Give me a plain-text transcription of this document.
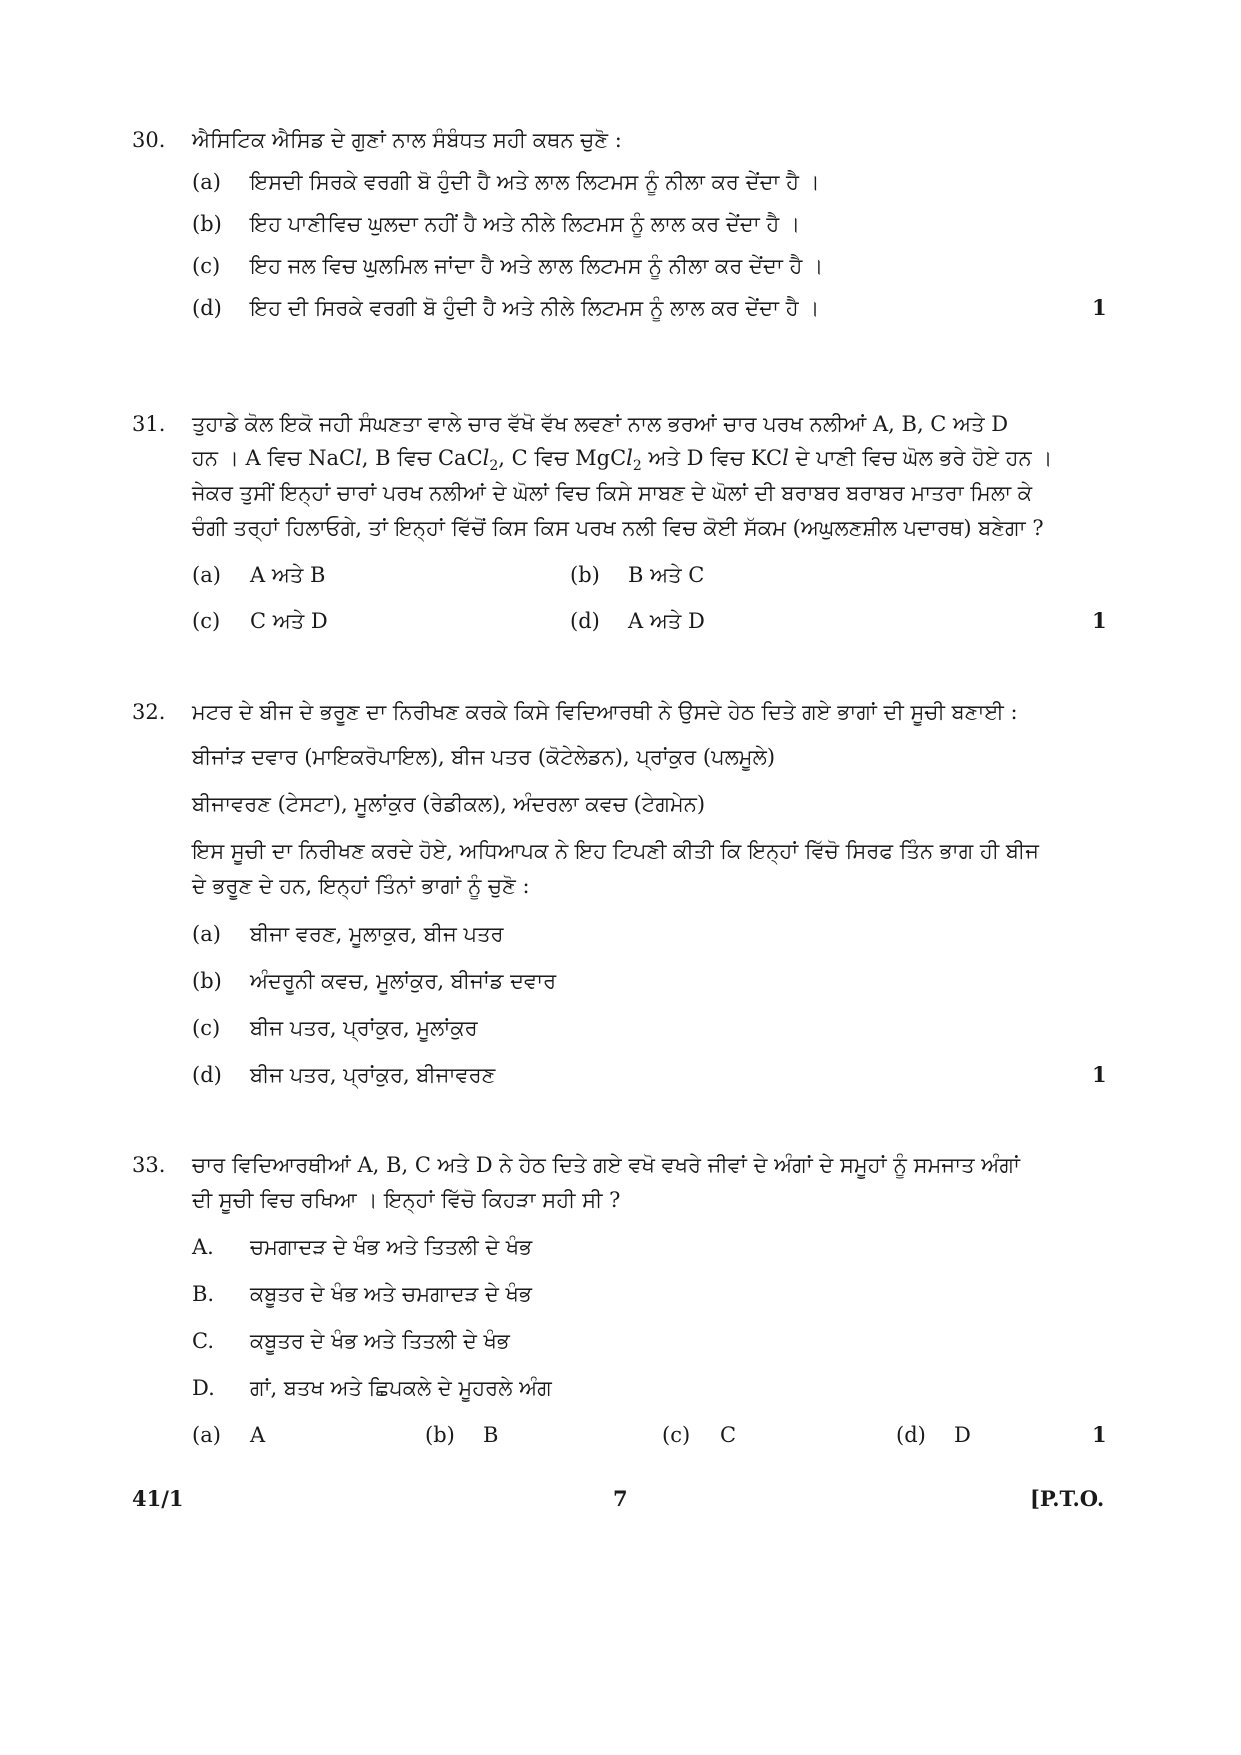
30. ਐਸਿਟਿਕ ਐਸਿਡ ਦੇ ਗੁਣਾਂ ਨਾਲ ਸੰਬੰਧਤ ਸਹੀ ਕਥਨ ਚੁਣੋ :
(a) ਇਸਦੀ ਸਿਰਕੇ ਵਰਗੀ ਬੋ ਹੁੰਦੀ ਹੈ ਅਤੇ ਲਾਲ ਲਿਟਮਸ ਨੂੰ ਨੀਲਾ ਕਰ ਦੇਂਦਾ ਹੈ ।
(b) ਇਹ ਪਾਣੀਵਿਚ ਘੁਲਦਾ ਨਹੀਂ ਹੈ ਅਤੇ ਨੀਲੇ ਲਿਟਮਸ ਨੂੰ ਲਾਲ ਕਰ ਦੇਂਦਾ ਹੈ ।
(c) ਇਹ ਜਲ ਵਿਚ ਘੁਲਮਿਲ ਜਾਂਦਾ ਹੈ ਅਤੇ ਲਾਲ ਲਿਟਮਸ ਨੂੰ ਨੀਲਾ ਕਰ ਦੇਂਦਾ ਹੈ ।
(d) ਇਹ ਦੀ ਸਿਰਕੇ ਵਰਗੀ ਬੋ ਹੁੰਦੀ ਹੈ ਅਤੇ ਨੀਲੇ ਲਿਟਮਸ ਨੂੰ ਲਾਲ ਕਰ ਦੇਂਦਾ ਹੈ ।	1
31. ਤੁਹਾਡੇ ਕੋਲ ਇਕੋ ਜਹੀ ਸੰਘਣਤਾ ਵਾਲੇ ਚਾਰ ਵੱਖੋ ਵੱਖ ਲਵਣਾਂ ਨਾਲ ਭਰਆਂ ਚਾਰ ਪਰਖ ਨਲੀਆਂ A, B, C ਅਤੇ D
ਹਨ । A ਵਿਚ NaCl, B ਵਿਚ CaCl$_2$, C ਵਿਚ MgCl$_2$ ਅਤੇ D ਵਿਚ KCl ਦੇ ਪਾਣੀ ਵਿਚ ਘੋਲ ਭਰੇ ਹੋਏ ਹਨ ।
ਜੇਕਰ ਤੁਸੀਂ ਇਨ੍ਹਾਂ ਚਾਰਾਂ ਪਰਖ ਨਲੀਆਂ ਦੇ ਘੋਲਾਂ ਵਿਚ ਕਿਸੇ ਸਾਬਣ ਦੇ ਘੋਲਾਂ ਦੀ ਬਰਾਬਰ ਬਰਾਬਰ ਮਾਤਰਾ ਮਿਲਾ ਕੇ
ਚੰਗੀ ਤਰ੍ਹਾਂ ਹਿਲਾਓਗੇ, ਤਾਂ ਇਨ੍ਹਾਂ ਵਿੱਚੋਂ ਕਿਸ ਕਿਸ ਪਰਖ ਨਲੀ ਵਿਚ ਕੋਈ ਸੱਕਮ (ਅਘੁਲਣਸ਼ੀਲ ਪਦਾਰਥ) ਬਣੇਗਾ ?
(a) A ਅਤੇ B	(b) B ਅਤੇ C
(c) C ਅਤੇ D	(d) A ਅਤੇ D	1
32. ਮਟਰ ਦੇ ਬੀਜ ਦੇ ਭਰੂਣ ਦਾ ਨਿਰੀਖਣ ਕਰਕੇ ਕਿਸੇ ਵਿਦਿਆਰਥੀ ਨੇ ਉਸਦੇ ਹੇਠ ਦਿਤੇ ਗਏ ਭਾਗਾਂ ਦੀ ਸੂਚੀ ਬਣਾਈ :
ਬੀਜਾਂੜ ਦਵਾਰ (ਮਾਇਕਰੋਪਾਇਲ), ਬੀਜ ਪਤਰ (ਕੋਟੇਲੇਡਨ), ਪ੍ਰਾਂਕੁਰ (ਪਲਮੂਲੇ)
ਬੀਜਾਵਰਣ (ਟੇਸਟਾ), ਮੂਲਾਂਕੁਰ (ਰੇਡੀਕਲ), ਅੰਦਰਲਾ ਕਵਚ (ਟੇਗਮੇਨ)
ਇਸ ਸੂਚੀ ਦਾ ਨਿਰੀਖਣ ਕਰਦੇ ਹੋਏ, ਅਧਿਆਪਕ ਨੇ ਇਹ ਟਿਪਣੀ ਕੀਤੀ ਕਿ ਇਨ੍ਹਾਂ ਵਿੱਚੋ ਸਿਰਫ ਤਿੰਨ ਭਾਗ ਹੀ ਬੀਜ
ਦੇ ਭਰੂਣ ਦੇ ਹਨ, ਇਨ੍ਹਾਂ ਤਿੰਨਾਂ ਭਾਗਾਂ ਨੂੰ ਚੁਣੋ :
(a) ਬੀਜਾ ਵਰਣ, ਮੂਲਾਕੁਰ, ਬੀਜ ਪਤਰ
(b) ਅੰਦਰੂਨੀ ਕਵਚ, ਮੂਲਾਂਕੁਰ, ਬੀਜਾਂਡ ਦਵਾਰ
(c) ਬੀਜ ਪਤਰ, ਪ੍ਰਾਂਕੁਰ, ਮੂਲਾਂਕੁਰ
(d) ਬੀਜ ਪਤਰ, ਪ੍ਰਾਂਕੁਰ, ਬੀਜਾਵਰਣ	1
33. ਚਾਰ ਵਿਦਿਆਰਥੀਆਂ A, B, C ਅਤੇ D ਨੇ ਹੇਠ ਦਿਤੇ ਗਏ ਵਖੋ ਵਖਰੇ ਜੀਵਾਂ ਦੇ ਅੰਗਾਂ ਦੇ ਸਮੂਹਾਂ ਨੂੰ ਸਮਜਾਤ ਅੰਗਾਂ
ਦੀ ਸੂਚੀ ਵਿਚ ਰਖਿਆ । ਇਨ੍ਹਾਂ ਵਿੱਚੋ ਕਿਹੜਾ ਸਹੀ ਸੀ ?
A. ਚਮਗਾਦੜ ਦੇ ਖੰਭ ਅਤੇ ਤਿਤਲੀ ਦੇ ਖੰਭ
B. ਕਬੂਤਰ ਦੇ ਖੰਭ ਅਤੇ ਚਮਗਾਦੜ ਦੇ ਖੰਭ
C. ਕਬੂਤਰ ਦੇ ਖੰਭ ਅਤੇ ਤਿਤਲੀ ਦੇ ਖੰਭ
D. ਗਾਂ, ਬਤਖ ਅਤੇ ਛਿਪਕਲੇ ਦੇ ਮੂਹਰਲੇ ਅੰਗ
(a) A	(b) B	(c) C	(d) D	1
41/1	7	[P.T.O.
